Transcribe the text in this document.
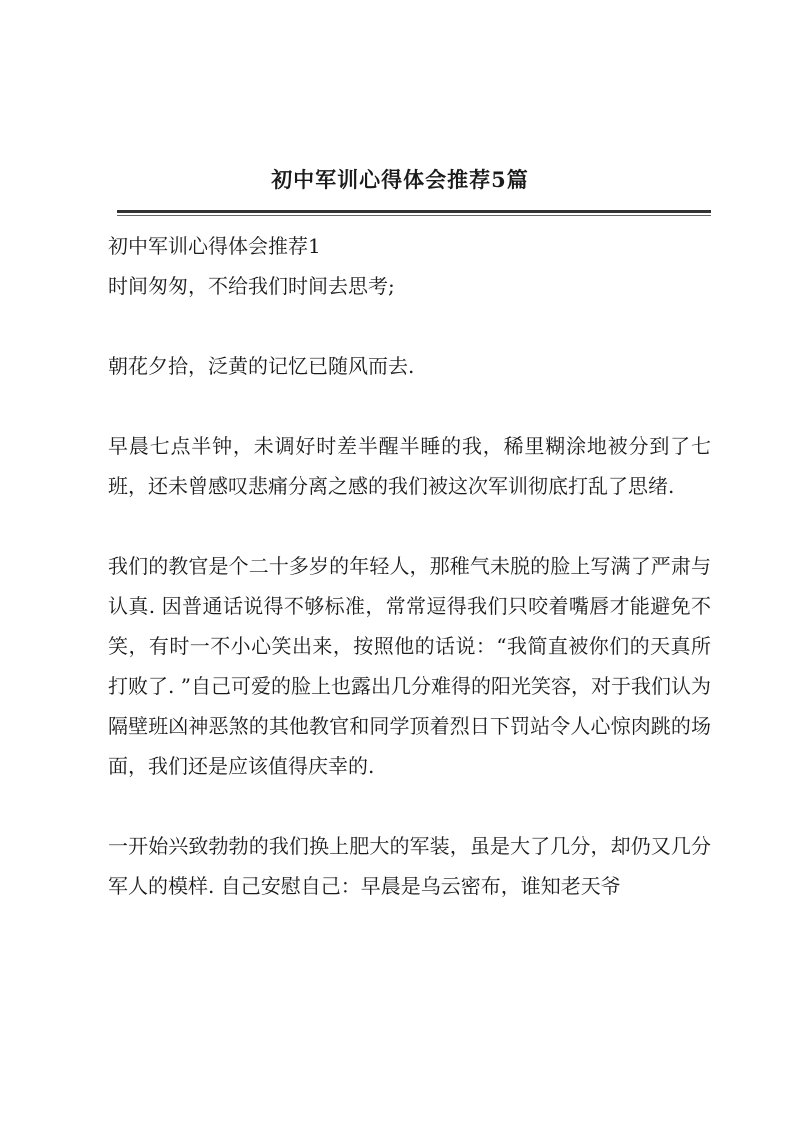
初中军训心得体会推荐5篇
初中军训心得体会推荐1
时间匆匆，不给我们时间去思考;
朝花夕拾，泛黄的记忆已随风而去.
早晨七点半钟，未调好时差半醒半睡的我，稀里糊涂地被分到了七班，还未曾感叹悲痛分离之感的我们被这次军训彻底打乱了思绪.
我们的教官是个二十多岁的年轻人，那稚气未脱的脸上写满了严肃与认真. 因普通话说得不够标准，常常逗得我们只咬着嘴唇才能避免不笑，有时一不小心笑出来，按照他的话说：“我简直被你们的天真所打败了. ”自己可爱的脸上也露出几分难得的阳光笑容，对于我们认为隔壁班凶神恶煞的其他教官和同学顶着烈日下罚站令人心惊肉跳的场面，我们还是应该值得庆幸的.
一开始兴致勃勃的我们换上肥大的军装，虽是大了几分，却仍又几分军人的模样. 自己安慰自己：早晨是乌云密布，谁知老天爷
